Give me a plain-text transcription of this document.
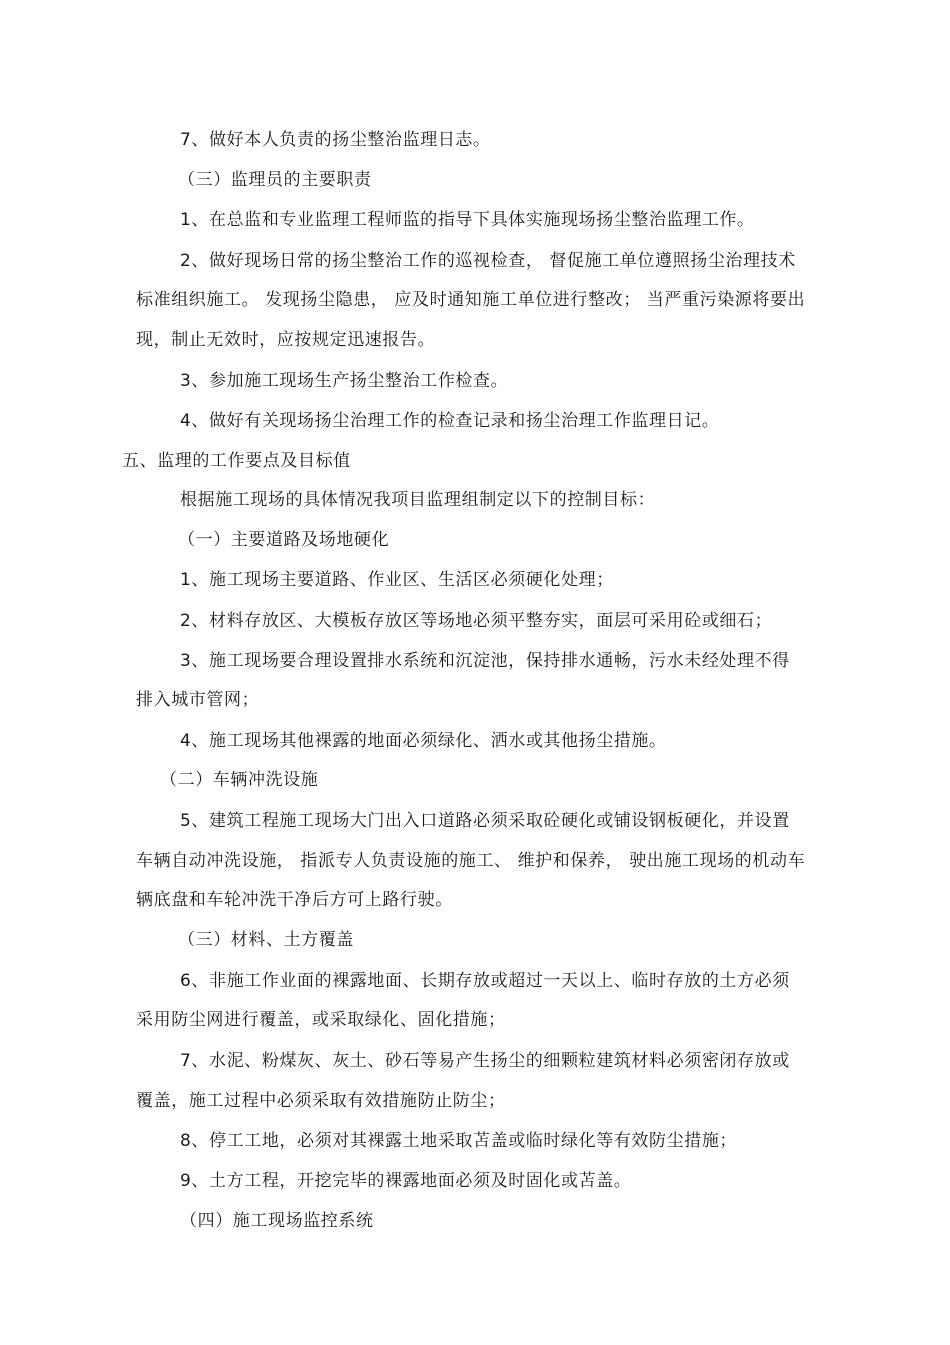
7、做好本人负责的扬尘整治监理日志。

（三）监理员的主要职责

1、在总监和专业监理工程师监的指导下具体实施现场扬尘整治监理工作。

2、做好现场日常的扬尘整治工作的巡视检查， 督促施工单位遵照扬尘治理技术

标准组织施工。 发现扬尘隐患， 应及时通知施工单位进行整改； 当严重污染源将要出

现，制止无效时，应按规定迅速报告。

3、参加施工现场生产扬尘整治工作检查。

4、做好有关现场扬尘治理工作的检查记录和扬尘治理工作监理日记。

五、监理的工作要点及目标值

根据施工现场的具体情况我项目监理组制定以下的控制目标：

（一）主要道路及场地硬化

1、施工现场主要道路、作业区、生活区必须硬化处理；

2、材料存放区、大模板存放区等场地必须平整夯实，面层可采用砼或细石；

3、施工现场要合理设置排水系统和沉淀池，保持排水通畅，污水未经处理不得

排入城市管网；

4、施工现场其他裸露的地面必须绿化、洒水或其他扬尘措施。

（二）车辆冲洗设施

5、建筑工程施工现场大门出入口道路必须采取砼硬化或铺设钢板硬化，并设置

车辆自动冲洗设施， 指派专人负责设施的施工、 维护和保养， 驶出施工现场的机动车

辆底盘和车轮冲洗干净后方可上路行驶。

（三）材料、土方覆盖

6、非施工作业面的裸露地面、长期存放或超过一天以上、临时存放的土方必须

采用防尘网进行覆盖，或采取绿化、固化措施；

7、水泥、粉煤灰、灰土、砂石等易产生扬尘的细颗粒建筑材料必须密闭存放或

覆盖，施工过程中必须采取有效措施防止防尘；

8、停工工地，必须对其裸露土地采取苫盖或临时绿化等有效防尘措施；

9、土方工程，开挖完毕的裸露地面必须及时固化或苫盖。

（四）施工现场监控系统
